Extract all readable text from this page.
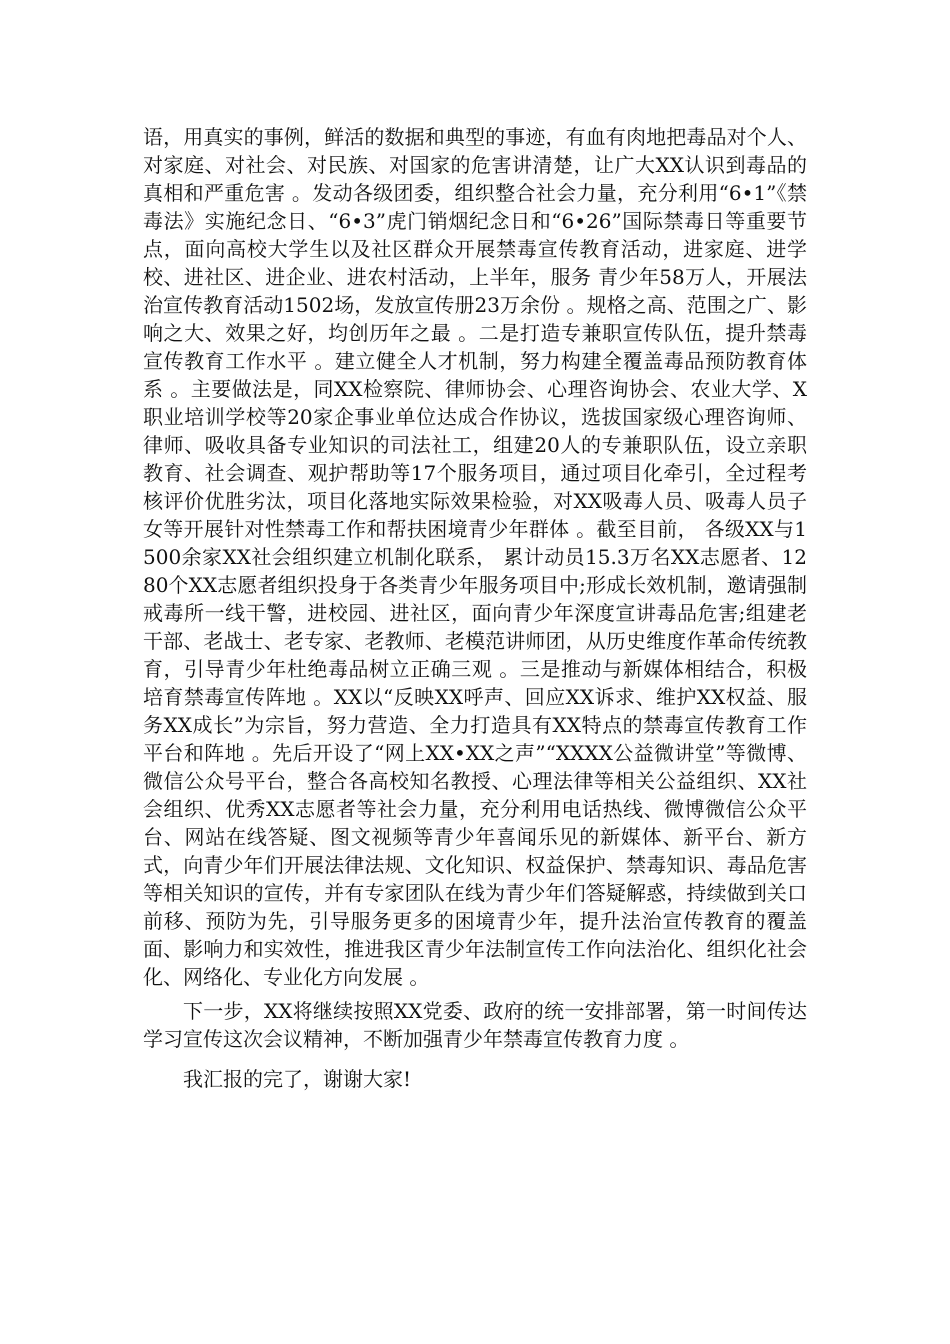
语，用真实的事例，鲜活的数据和典型的事迹，有血有肉地把毒品对个人、对家庭、对社会、对民族、对国家的危害讲清楚，让广大XX认识到毒品的真相和严重危害 。发动各级团委，组织整合社会力量，充分利用“6•1”《禁毒法》实施纪念日、“6•3”虎门销烟纪念日和“6•26”国际禁毒日等重要节点，面向高校大学生以及社区群众开展禁毒宣传教育活动，进家庭、进学校、进社区、进企业、进农村活动，上半年，服务 青少年58万人，开展法治宣传教育活动1502场，发放宣传册23万余份 。规格之高、范围之广、影响之大、效果之好，均创历年之最 。二是打造专兼职宣传队伍，提升禁毒宣传教育工作水平 。建立健全人才机制，努力构建全覆盖毒品预防教育体系 。主要做法是，同XX检察院、律师协会、心理咨询协会、农业大学、X职业培训学校等20家企事业单位达成合作协议，选拔国家级心理咨询师、律师、吸收具备专业知识的司法社工，组建20人的专兼职队伍，设立亲职教育、社会调查、观护帮助等17个服务项目，通过项目化牵引，全过程考核评价优胜劣汰，项目化落地实际效果检验，对XX吸毒人员、吸毒人员子女等开展针对性禁毒工作和帮扶困境青少年群体 。截至目前， 各级XX与1500余家XX社会组织建立机制化联系， 累计动员15.3万名XX志愿者、1280个XX志愿者组织投身于各类青少年服务项目中;形成长效机制，邀请强制戒毒所一线干警，进校园、进社区，面向青少年深度宣讲毒品危害;组建老干部、老战士、老专家、老教师、老模范讲师团，从历史维度作革命传统教育，引导青少年杜绝毒品树立正确三观 。三是推动与新媒体相结合，积极培育禁毒宣传阵地 。XX以“反映XX呼声、回应XX诉求、维护XX权益、服务XX成长”为宗旨，努力营造、全力打造具有XX特点的禁毒宣传教育工作平台和阵地 。先后开设了“网上XX•XX之声”“XXXX公益微讲堂”等微博、微信公众号平台，整合各高校知名教授、心理法律等相关公益组织、XX社会组织、优秀XX志愿者等社会力量，充分利用电话热线、微博微信公众平台、网站在线答疑、图文视频等青少年喜闻乐见的新媒体、新平台、新方式，向青少年们开展法律法规、文化知识、权益保护、禁毒知识、毒品危害等相关知识的宣传，并有专家团队在线为青少年们答疑解惑，持续做到关口前移、预防为先，引导服务更多的困境青少年，提升法治宣传教育的覆盖面、影响力和实效性，推进我区青少年法制宣传工作向法治化、组织化社会化、网络化、专业化方向发展 。

下一步，XX将继续按照XX党委、政府的统一安排部署，第一时间传达学习宣传这次会议精神，不断加强青少年禁毒宣传教育力度 。

我汇报的完了，谢谢大家!
